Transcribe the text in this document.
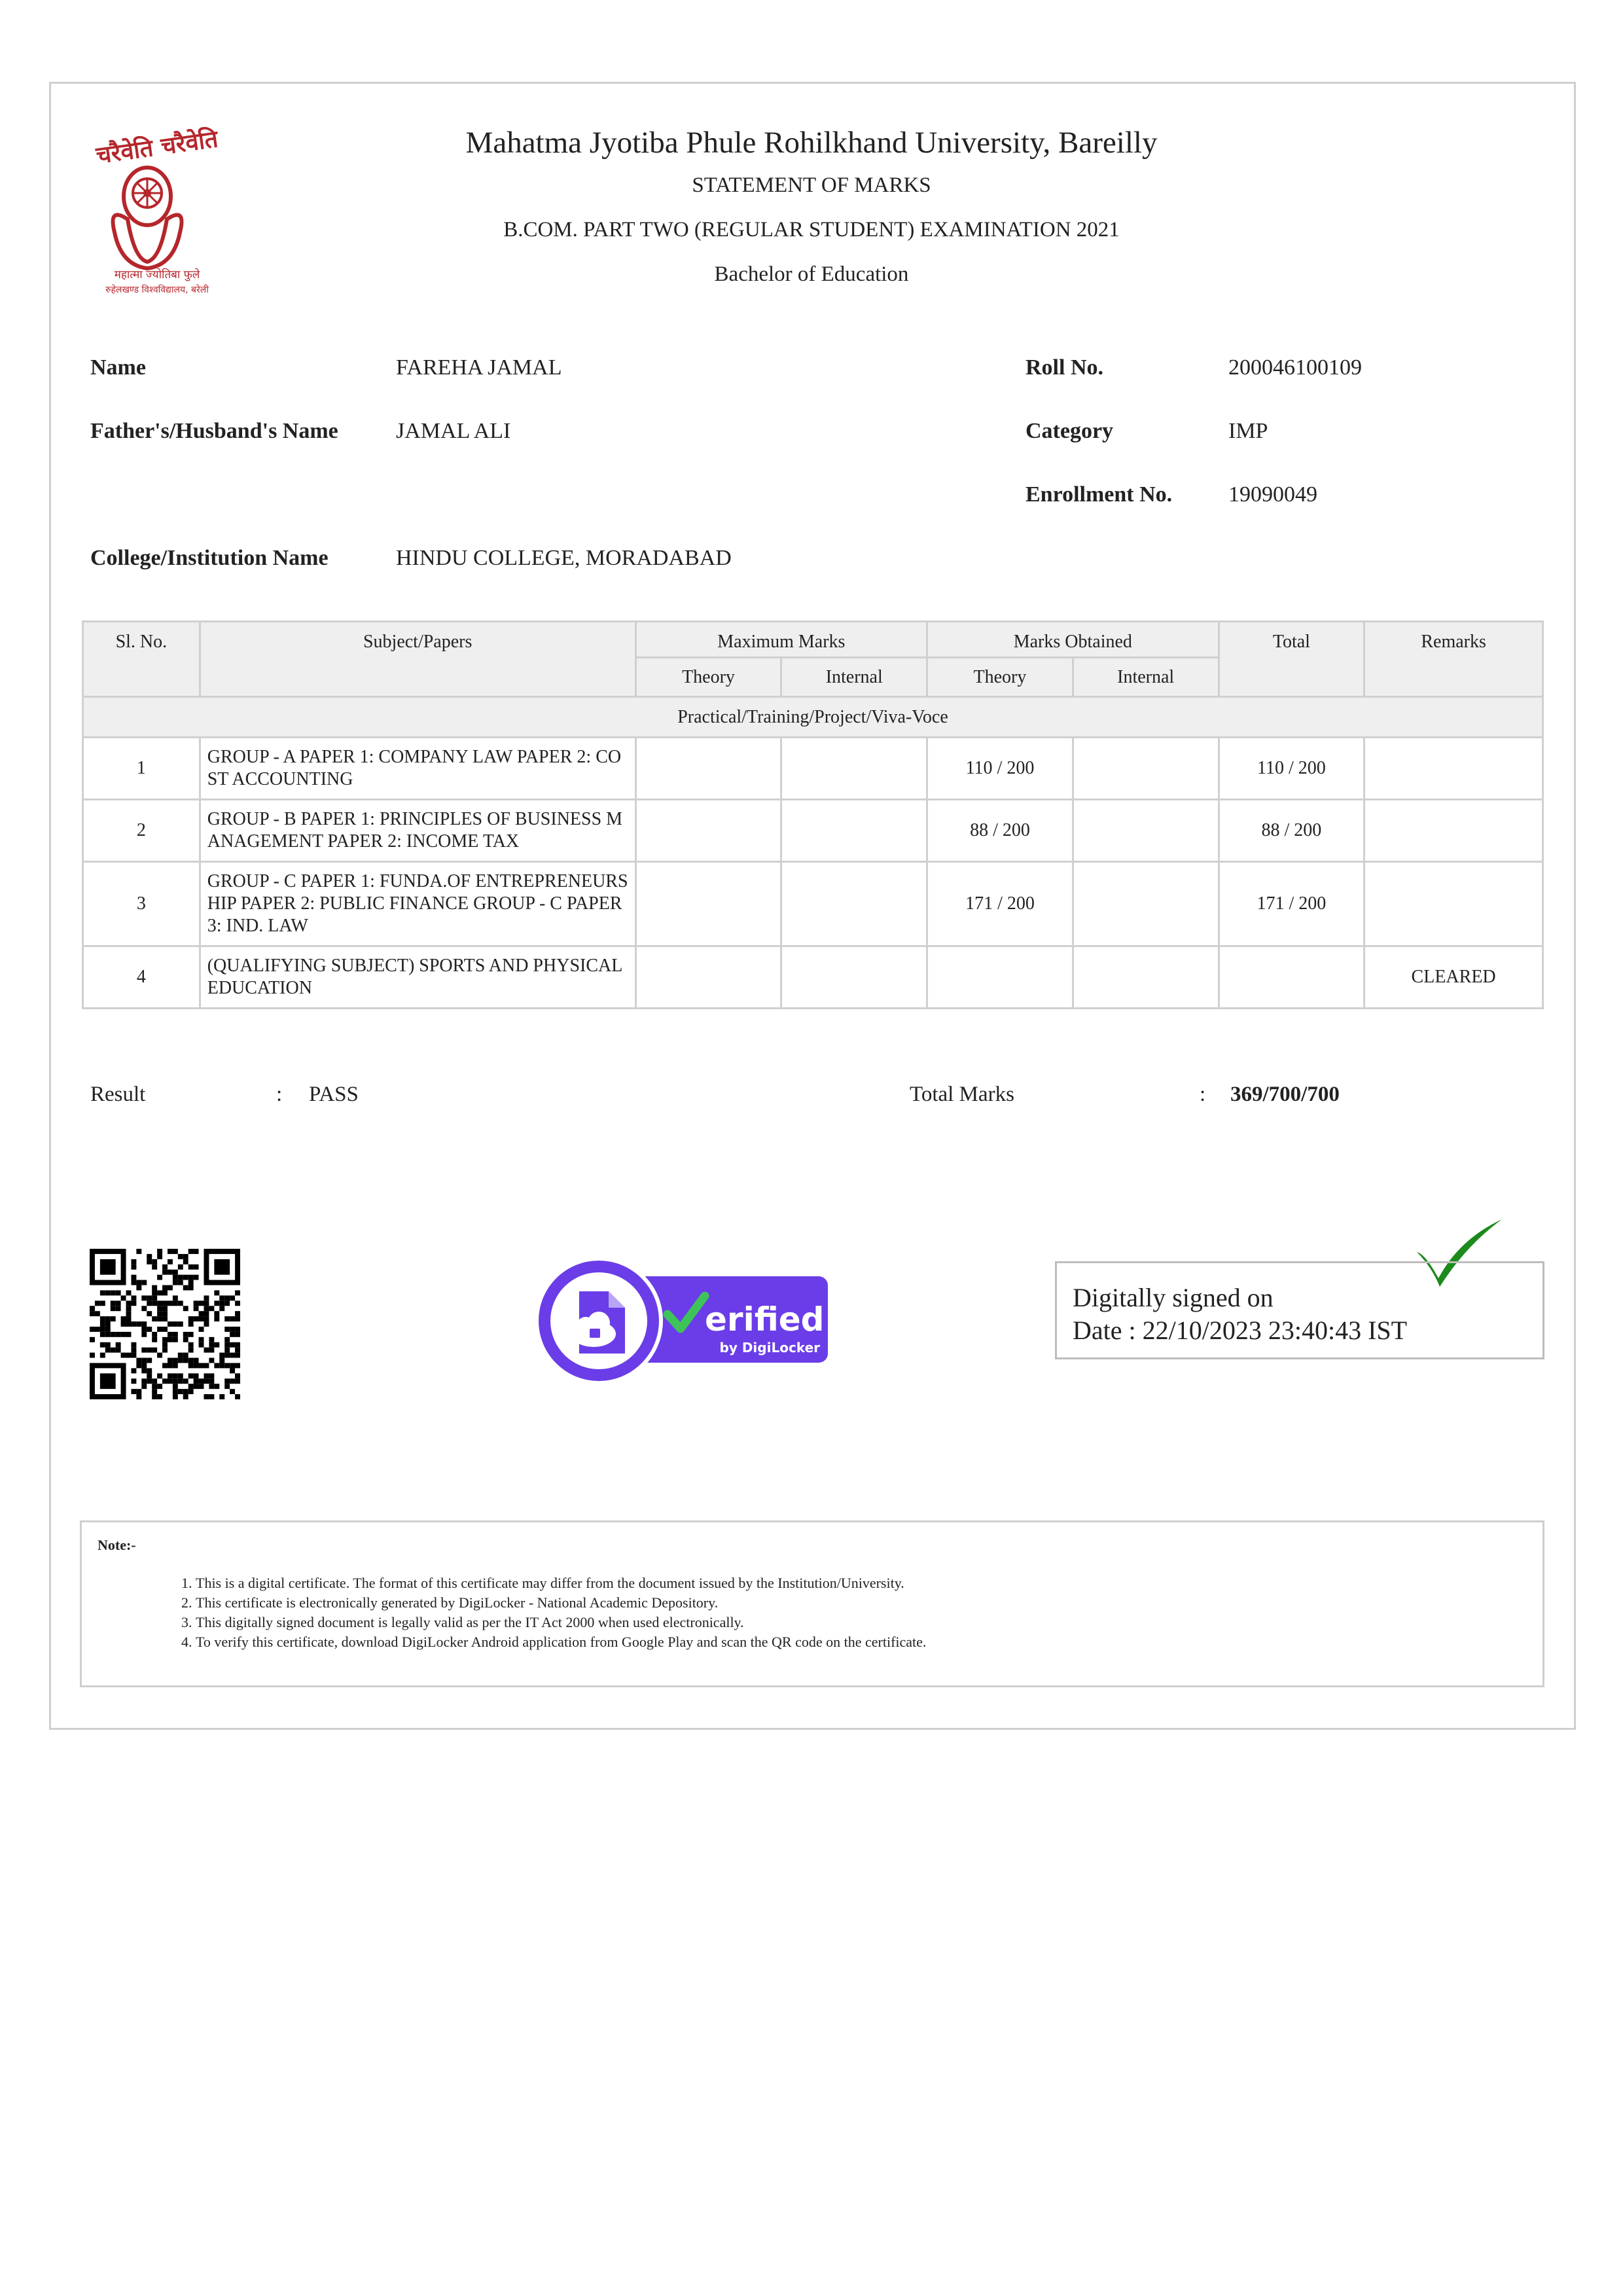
चरैवेति चरैवेति
महात्मा ज्योतिबा फुले
रुहेलखण्ड विश्वविद्यालय, बरेली
Mahatma Jyotiba Phule Rohilkhand University, Bareilly
STATEMENT OF MARKS
B.COM. PART TWO (REGULAR STUDENT) EXAMINATION 2021
Bachelor of Education
Name	FAREHA JAMAL
Father's/Husband's Name	JAMAL ALI
College/Institution Name	HINDU COLLEGE, MORADABAD
Roll No.	200046100109
Category	IMP
Enrollment No.	19090049
Sl. No.	Subject/Papers	Maximum Marks		Marks Obtained		Total	Remarks
		Theory	Internal	Theory	Internal		
Practical/Training/Project/Viva-Voce							
1	GROUP - A PAPER 1: COMPANY LAW PAPER 2: COST ACCOUNTING			110 / 200		110 / 200	
2	GROUP - B PAPER 1: PRINCIPLES OF BUSINESS MANAGEMENT PAPER 2: INCOME TAX			88 / 200		88 / 200	
3	GROUP - C PAPER 1: FUNDA.OF ENTREPRENEURSHIP PAPER 2: PUBLIC FINANCE GROUP - C PAPER 3: IND. LAW			171 / 200		171 / 200	
4	(QUALIFYING SUBJECT) SPORTS AND PHYSICAL EDUCATION						CLEARED
Result	: PASS	Total Marks	: 369/700/700
erified
by DigiLocker
Digitally signed on
Date : 22/10/2023 23:40:43 IST
Note:-
1. This is a digital certificate. The format of this certificate may differ from the document issued by the Institution/University.
2. This certificate is electronically generated by DigiLocker - National Academic Depository.
3. This digitally signed document is legally valid as per the IT Act 2000 when used electronically.
4. To verify this certificate, download DigiLocker Android application from Google Play and scan the QR code on the certificate.
